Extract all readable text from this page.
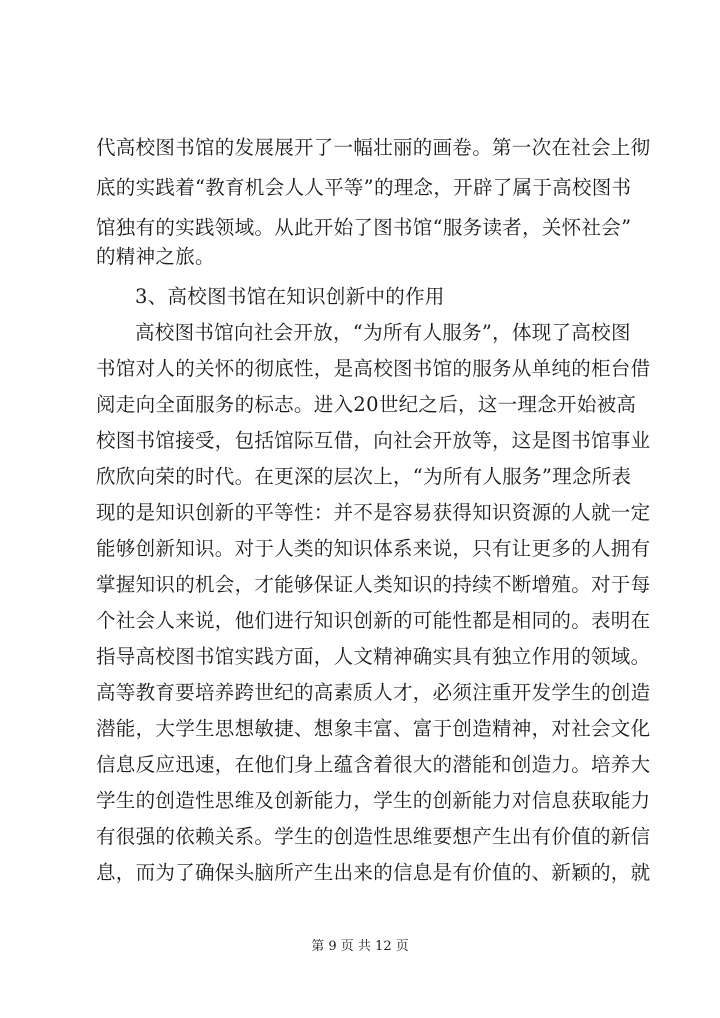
代高校图书馆的发展展开了一幅壮丽的画卷。第一次在社会上彻
底的实践着“教育机会人人平等”的理念，开辟了属于高校图书
馆独有的实践领域。从此开始了图书馆“服务读者，关怀社会”
的精神之旅。
3、高校图书馆在知识创新中的作用
高校图书馆向社会开放，“为所有人服务”，体现了高校图
书馆对人的关怀的彻底性，是高校图书馆的服务从单纯的柜台借
阅走向全面服务的标志。进入20世纪之后，这一理念开始被高
校图书馆接受，包括馆际互借，向社会开放等，这是图书馆事业
欣欣向荣的时代。在更深的层次上，“为所有人服务”理念所表
现的是知识创新的平等性：并不是容易获得知识资源的人就一定
能够创新知识。对于人类的知识体系来说，只有让更多的人拥有
掌握知识的机会，才能够保证人类知识的持续不断增殖。对于每
个社会人来说，他们进行知识创新的可能性都是相同的。表明在
指导高校图书馆实践方面，人文精神确实具有独立作用的领域。
高等教育要培养跨世纪的高素质人才，必须注重开发学生的创造
潜能，大学生思想敏捷、想象丰富、富于创造精神，对社会文化
信息反应迅速，在他们身上蕴含着很大的潜能和创造力。培养大
学生的创造性思维及创新能力，学生的创新能力对信息获取能力
有很强的依赖关系。学生的创造性思维要想产生出有价值的新信
息，而为了确保头脑所产生出来的信息是有价值的、新颖的，就
第 9 页 共 12 页
